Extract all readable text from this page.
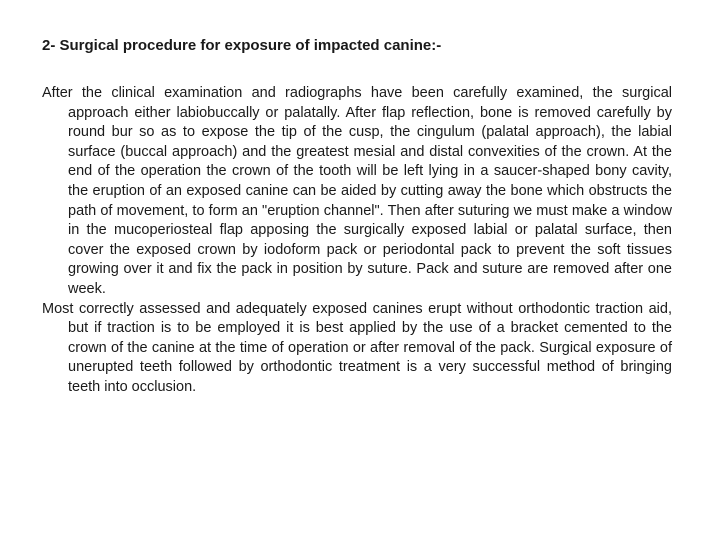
2- Surgical procedure for exposure of impacted canine:-

After the clinical examination and radiographs have been carefully examined, the surgical approach either labiobuccally or palatally. After flap reflection, bone is removed carefully by round bur so as to expose the tip of the cusp, the cingulum (palatal approach), the labial surface (buccal approach) and the greatest mesial and distal convexities of the crown. At the end of the operation the crown of the tooth will be left lying in a saucer-shaped bony cavity, the eruption of an exposed canine can be aided by cutting away the bone which obstructs the path of movement, to form an "eruption channel". Then after suturing we must make a window in the mucoperiosteal flap apposing the surgically exposed labial or palatal surface, then cover the exposed crown by iodoform pack or periodontal pack to prevent the soft tissues growing over it and fix the pack in position by suture. Pack and suture are removed after one week.

Most correctly assessed and adequately exposed canines erupt without orthodontic traction aid, but if traction is to be employed it is best applied by the use of a bracket cemented to the crown of the canine at the time of operation or after removal of the pack. Surgical exposure of unerupted teeth followed by orthodontic treatment is a very successful method of bringing teeth into occlusion.
